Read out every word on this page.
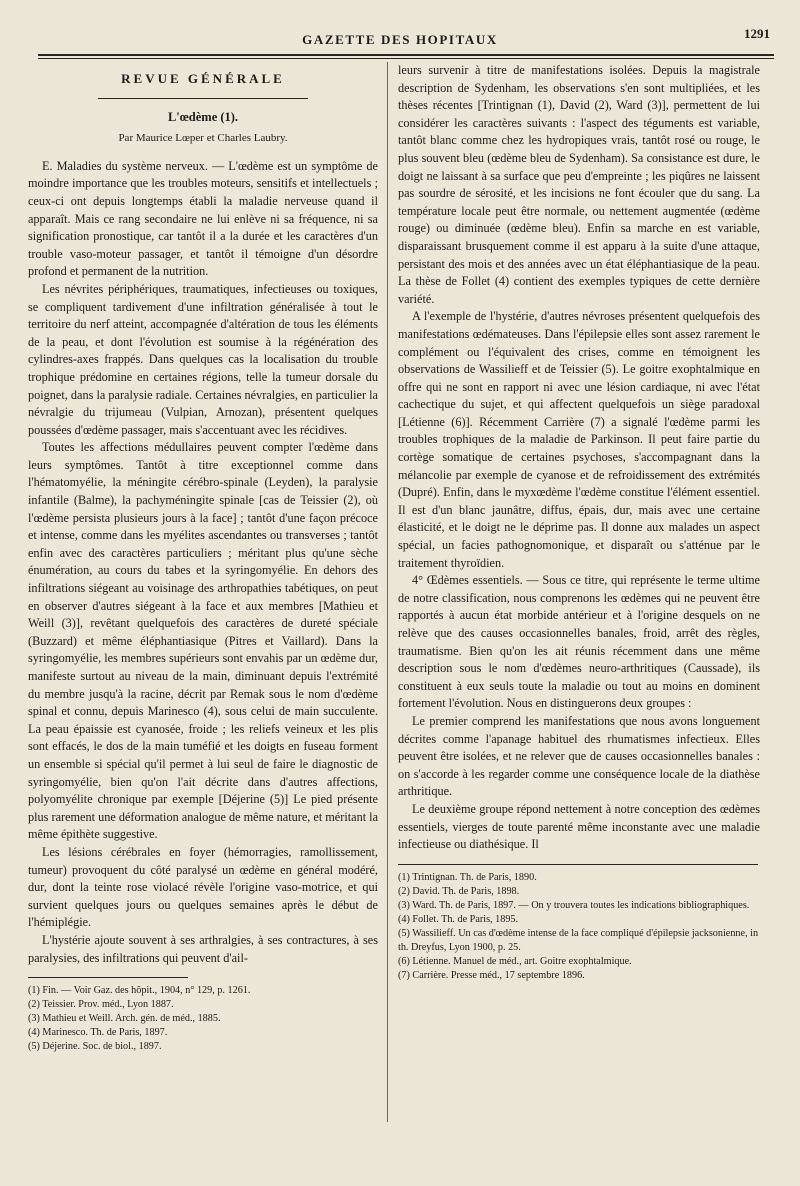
GAZETTE DES HOPITAUX	1291
REVUE GÉNÉRALE
L'œdème (1).
Par Maurice Lœper et Charles Laubry.

E. Maladies du système nerveux. — L'œdème est un symptôme de moindre importance que les troubles moteurs, sensitifs et intellectuels ; ceux-ci ont depuis longtemps établi la maladie nerveuse quand il apparaît. Mais ce rang secondaire ne lui enlève ni sa fréquence, ni sa signification pronostique, car tantôt il a la durée et les caractères d'un trouble vaso-moteur passager, et tantôt il témoigne d'un désordre profond et permanent de la nutrition.

Les névrites périphériques, traumatiques, infectieuses ou toxiques, se compliquent tardivement d'une infiltration généralisée à tout le territoire du nerf atteint, accompagnée d'altération de tous les éléments de la peau, et dont l'évolution est soumise à la régénération des cylindres-axes frappés. Dans quelques cas la localisation du trouble trophique prédomine en certaines régions, telle la tumeur dorsale du poignet, dans la paralysie radiale. Certaines névralgies, en particulier la névralgie du trijumeau (Vulpian, Arnozan), présentent quelques poussées d'œdème passager, mais s'accentuant avec les récidives.

Toutes les affections médullaires peuvent compter l'œdème dans leurs symptômes. Tantôt à titre exceptionnel comme dans l'hématomyélie, la méningite cérébro-spinale (Leyden), la paralysie infantile (Balme), la pachyméningite spinale [cas de Teissier (2), où l'œdème persista plusieurs jours à la face] ; tantôt d'une façon précoce et intense, comme dans les myélites ascendantes ou transverses ; tantôt enfin avec des caractères particuliers ; méritant plus qu'une sèche énumération, au cours du tabes et la syringomyélie. En dehors des infiltrations siégeant au voisinage des arthropathies tabétiques, on peut en observer d'autres siégeant à la face et aux membres [Mathieu et Weill (3)], revêtant quelquefois des caractères de dureté spéciale (Buzzard) et même éléphantiasique (Pitres et Vaillard). Dans la syringomyélie, les membres supérieurs sont envahis par un œdème dur, manifeste surtout au niveau de la main, diminuant depuis l'extrémité du membre jusqu'à la racine, décrit par Remak sous le nom d'œdème spinal et connu, depuis Marinesco (4), sous celui de main succulente. La peau épaissie est cyanosée, froide ; les reliefs veineux et les plis sont effacés, le dos de la main tuméfié et les doigts en fuseau forment un ensemble si spécial qu'il permet à lui seul de faire le diagnostic de syringomyélie, bien qu'on l'ait décrite dans d'autres affections, polyomyélite chronique par exemple [Déjerine (5)] Le pied présente plus rarement une déformation analogue de même nature, et méritant la même épithète suggestive.

Les lésions cérébrales en foyer (hémorragies, ramollissement, tumeur) provoquent du côté paralysé un œdème en général modéré, dur, dont la teinte rose violacé révèle l'origine vaso-motrice, et qui survient quelques jours ou quelques semaines après le début de l'hémiplégie.

L'hystérie ajoute souvent à ses arthralgies, à ses contractures, à ses paralysies, des infiltrations qui peuvent d'ail-

(1) Fin. — Voir Gaz. des hôpit., 1904, n° 129, p. 1261.
(2) Teissier. Prov. méd., Lyon 1887.
(3) Mathieu et Weill. Arch. gén. de méd., 1885.
(4) Marinesco. Th. de Paris, 1897.
(5) Déjerine. Soc. de biol., 1897.

leurs survenir à titre de manifestations isolées. Depuis la magistrale description de Sydenham, les observations s'en sont multipliées, et les thèses récentes [Trintignan (1), David (2), Ward (3)], permettent de lui considérer les caractères suivants : l'aspect des téguments est variable, tantôt blanc comme chez les hydropiques vrais, tantôt rosé ou rouge, le plus souvent bleu (œdème bleu de Sydenham). Sa consistance est dure, le doigt ne laissant à sa surface que peu d'empreinte ; les piqûres ne laissent pas sourdre de sérosité, et les incisions ne font écouler que du sang. La température locale peut être normale, ou nettement augmentée (œdème rouge) ou diminuée (œdème bleu). Enfin sa marche en est variable, disparaissant brusquement comme il est apparu à la suite d'une attaque, persistant des mois et des années avec un état éléphantiasique de la peau. La thèse de Follet (4) contient des exemples typiques de cette dernière variété.

A l'exemple de l'hystérie, d'autres névroses présentent quelquefois des manifestations œdémateuses. Dans l'épilepsie elles sont assez rarement le complément ou l'équivalent des crises, comme en témoignent les observations de Wassilieff et de Teissier (5). Le goitre exophtalmique en offre qui ne sont en rapport ni avec une lésion cardiaque, ni avec l'état cachectique du sujet, et qui affectent quelquefois un siège paradoxal [Létienne (6)]. Récemment Carrière (7) a signalé l'œdème parmi les troubles trophiques de la maladie de Parkinson. Il peut faire partie du cortège somatique de certaines psychoses, s'accompagnant dans la mélancolie par exemple de cyanose et de refroidissement des extrémités (Dupré). Enfin, dans le myxœdème l'œdème constitue l'élément essentiel. Il est d'un blanc jaunâtre, diffus, épais, dur, mais avec une certaine élasticité, et le doigt ne le déprime pas. Il donne aux malades un aspect spécial, un facies pathognomonique, et disparaît ou s'atténue par le traitement thyroïdien.

4° Œdèmes essentiels. — Sous ce titre, qui représente le terme ultime de notre classification, nous comprenons les œdèmes qui ne peuvent être rapportés à aucun état morbide antérieur et à l'origine desquels on ne relève que des causes occasionnelles banales, froid, arrêt des règles, traumatisme. Bien qu'on les ait réunis récemment dans une même description sous le nom d'œdèmes neuro-arthritiques (Caussade), ils constituent à eux seuls toute la maladie ou tout au moins en dominent fortement l'évolution. Nous en distinguerons deux groupes :

Le premier comprend les manifestations que nous avons longuement décrites comme l'apanage habituel des rhumatismes infectieux. Elles peuvent être isolées, et ne relever que de causes occasionnelles banales : on s'accorde à les regarder comme une conséquence locale de la diathèse arthritique.

Le deuxième groupe répond nettement à notre conception des œdèmes essentiels, vierges de toute parenté même inconstante avec une maladie infectieuse ou diathésique. Il

(1) Trintignan. Th. de Paris, 1890.
(2) David. Th. de Paris, 1898.
(3) Ward. Th. de Paris, 1897. — On y trouvera toutes les indications bibliographiques.
(4) Follet. Th. de Paris, 1895.
(5) Wassilieff. Un cas d'œdème intense de la face compliqué d'épilepsie jacksonienne, in th. Dreyfus, Lyon 1900, p. 25.
(6) Létienne. Manuel de méd., art. Goitre exophtalmique.
(7) Carrière. Presse méd., 17 septembre 1896.
